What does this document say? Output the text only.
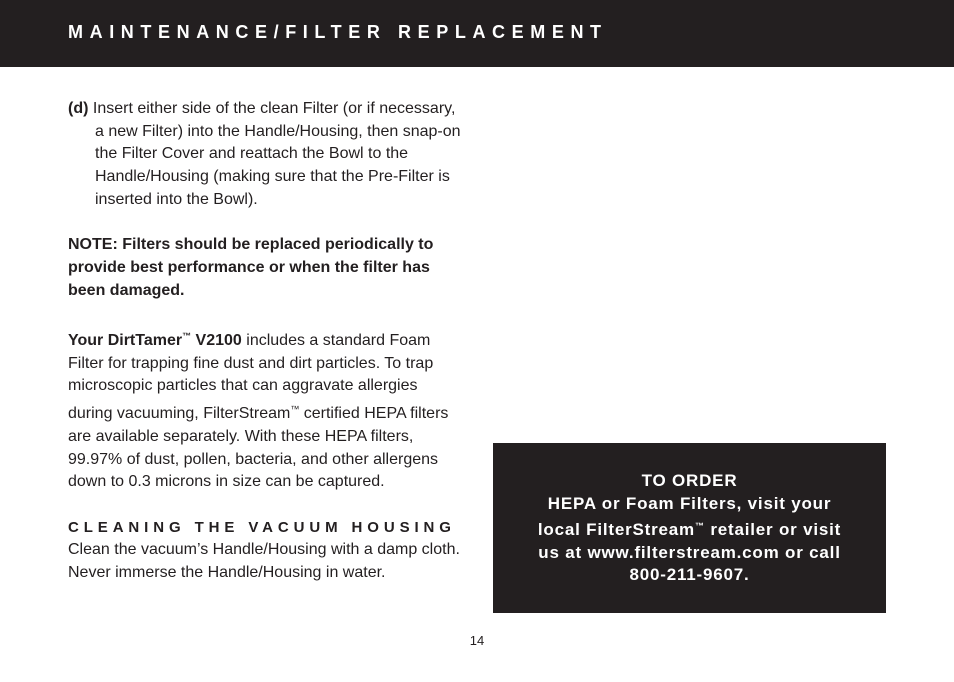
MAINTENANCE/FILTER REPLACEMENT

(d) Insert either side of the clean Filter (or if necessary, a new Filter) into the Handle/Housing, then snap-on the Filter Cover and reattach the Bowl to the Handle/Housing (making sure that the Pre-Filter is inserted into the Bowl).

NOTE: Filters should be replaced periodically to provide best performance or when the filter has been damaged.

Your DirtTamer™ V2100 includes a standard Foam Filter for trapping fine dust and dirt particles. To trap microscopic particles that can aggravate allergies during vacuuming, FilterStream™ certified HEPA filters are available separately. With these HEPA filters, 99.97% of dust, pollen, bacteria, and other allergens down to 0.3 microns in size can be captured.

CLEANING THE VACUUM HOUSING

Clean the vacuum’s Handle/Housing with a damp cloth. Never immerse the Handle/Housing in water.

TO ORDER
HEPA or Foam Filters, visit your
local FilterStream™ retailer or visit
us at www.filterstream.com or call
800-211-9607.
14
